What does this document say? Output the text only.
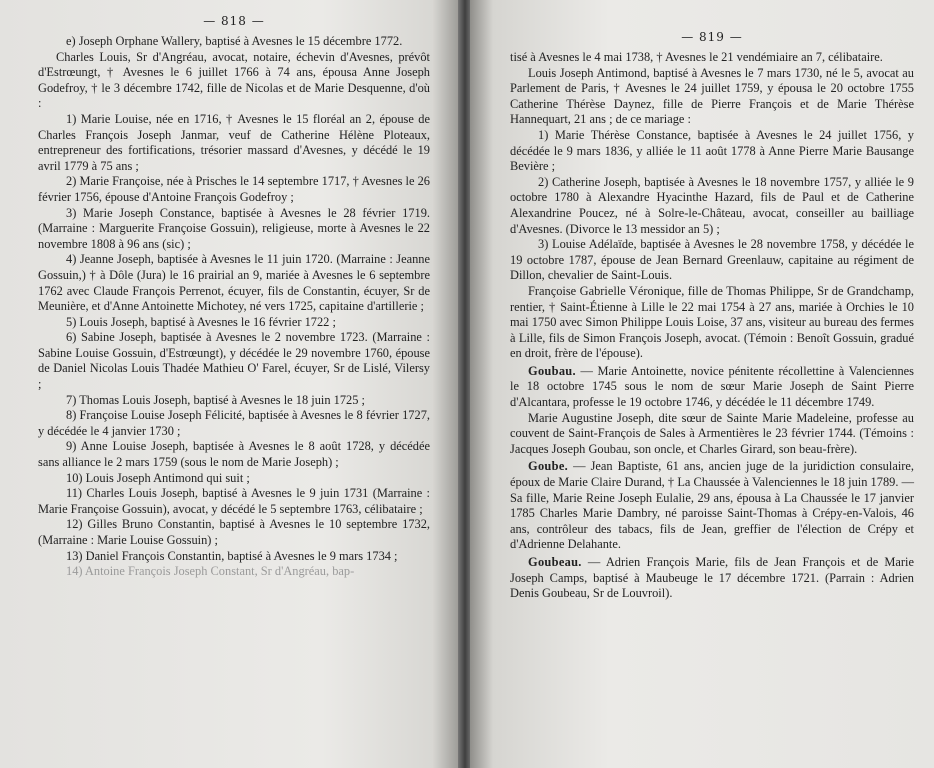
— 818 —

e) Joseph Orphane Wallery, baptisé à Avesnes le 15 décembre 1772.

Charles Louis, Sr d'Angréau, avocat, notaire, échevin d'Avesnes, prévôt d'Estrœungt, † Avesnes le 6 juillet 1766 à 74 ans, épousa Anne Joseph Godefroy, † le 3 décembre 1742, fille de Nicolas et de Marie Desquenne, d'où :

1) Marie Louise, née en 1716, † Avesnes le 15 floréal an 2, épouse de Charles François Joseph Janmar, veuf de Catherine Hélène Ploteaux, entrepreneur des fortifications, trésorier massard d'Avesnes, y décédé le 19 avril 1779 à 75 ans ;

2) Marie Françoise, née à Prisches le 14 septembre 1717, † Avesnes le 26 février 1756, épouse d'Antoine François Godefroy ;

3) Marie Joseph Constance, baptisée à Avesnes le 28 février 1719. (Marraine : Marguerite Françoise Gossuin), religieuse, morte à Avesnes le 22 novembre 1808 à 96 ans (sic) ;

4) Jeanne Joseph, baptisée à Avesnes le 11 juin 1720. (Marraine : Jeanne Gossuin,) † à Dôle (Jura) le 16 prairial an 9, mariée à Avesnes le 6 septembre 1762 avec Claude François Perrenot, écuyer, fils de Constantin, écuyer, Sr de Meunière, et d'Anne Antoinette Michotey, né vers 1725, capitaine d'artillerie ;

5) Louis Joseph, baptisé à Avesnes le 16 février 1722 ;

6) Sabine Joseph, baptisée à Avesnes le 2 novembre 1723. (Marraine : Sabine Louise Gossuin, d'Estrœungt), y décédée le 29 novembre 1760, épouse de Daniel Nicolas Louis Thadée Mathieu O' Farel, écuyer, Sr de Lislé, Vilersy ;

7) Thomas Louis Joseph, baptisé à Avesnes le 18 juin 1725 ;

8) Françoise Louise Joseph Félicité, baptisée à Avesnes le 8 février 1727, y décédée le 4 janvier 1730 ;

9) Anne Louise Joseph, baptisée à Avesnes le 8 août 1728, y décédée sans alliance le 2 mars 1759 (sous le nom de Marie Joseph) ;

10) Louis Joseph Antimond qui suit ;

11) Charles Louis Joseph, baptisé à Avesnes le 9 juin 1731 (Marraine : Marie Françoise Gossuin), avocat, y décédé le 5 septembre 1763, célibataire ;

12) Gilles Bruno Constantin, baptisé à Avesnes le 10 septembre 1732, (Marraine : Marie Louise Gossuin) ;

13) Daniel François Constantin, baptisé à Avesnes le 9 mars 1734 ;

14) Antoine François Joseph Constant, Sr d'Angréau, bap-

— 819 —

tisé à Avesnes le 4 mai 1738, † Avesnes le 21 vendémiaire an 7, célibataire.

Louis Joseph Antimond, baptisé à Avesnes le 7 mars 1730, né le 5, avocat au Parlement de Paris, † Avesnes le 24 juillet 1759, y épousa le 20 octobre 1755 Catherine Thérèse Daynez, fille de Pierre François et de Marie Thérèse Hannequart, 21 ans ; de ce mariage :

1) Marie Thérèse Constance, baptisée à Avesnes le 24 juillet 1756, y décédée le 9 mars 1836, y alliée le 11 août 1778 à Anne Pierre Marie Bausange Bevière ;

2) Catherine Joseph, baptisée à Avesnes le 18 novembre 1757, y alliée le 9 octobre 1780 à Alexandre Hyacinthe Hazard, fils de Paul et de Catherine Alexandrine Poucez, né à Solre-le-Château, avocat, conseiller au bailliage d'Avesnes. (Divorce le 13 messidor an 5) ;

3) Louise Adélaïde, baptisée à Avesnes le 28 novembre 1758, y décédée le 19 octobre 1787, épouse de Jean Bernard Greenlauw, capitaine au régiment de Dillon, chevalier de Saint-Louis.

Françoise Gabrielle Véronique, fille de Thomas Philippe, Sr de Grandchamp, rentier, † Saint-Étienne à Lille le 22 mai 1754 à 27 ans, mariée à Orchies le 10 mai 1750 avec Simon Philippe Louis Loise, 37 ans, visiteur au bureau des fermes à Lille, fils de Simon François Joseph, avocat. (Témoin : Benoît Gossuin, gradué en droit, frère de l'épouse).

Goubau. — Marie Antoinette, novice pénitente récollettine à Valenciennes le 18 octobre 1745 sous le nom de sœur Marie Joseph de Saint Pierre d'Alcantara, professe le 19 octobre 1746, y décédée le 11 décembre 1749.

Marie Augustine Joseph, dite sœur de Sainte Marie Madeleine, professe au couvent de Saint-François de Sales à Armentières le 23 février 1744. (Témoins : Jacques Joseph Goubau, son oncle, et Charles Girard, son beau-frère).

Goube. — Jean Baptiste, 61 ans, ancien juge de la juridiction consulaire, époux de Marie Claire Durand, † La Chaussée à Valenciennes le 18 juin 1789. — Sa fille, Marie Reine Joseph Eulalie, 29 ans, épousa à La Chaussée le 17 janvier 1785 Charles Marie Dambry, né paroisse Saint-Thomas à Crépy-en-Valois, 46 ans, contrôleur des tabacs, fils de Jean, greffier de l'élection de Crépy et d'Adrienne Delahante.

Goubeau. — Adrien François Marie, fils de Jean François et de Marie Joseph Camps, baptisé à Maubeuge le 17 décembre 1721. (Parrain : Adrien Denis Goubeau, Sr de Louvroil).
